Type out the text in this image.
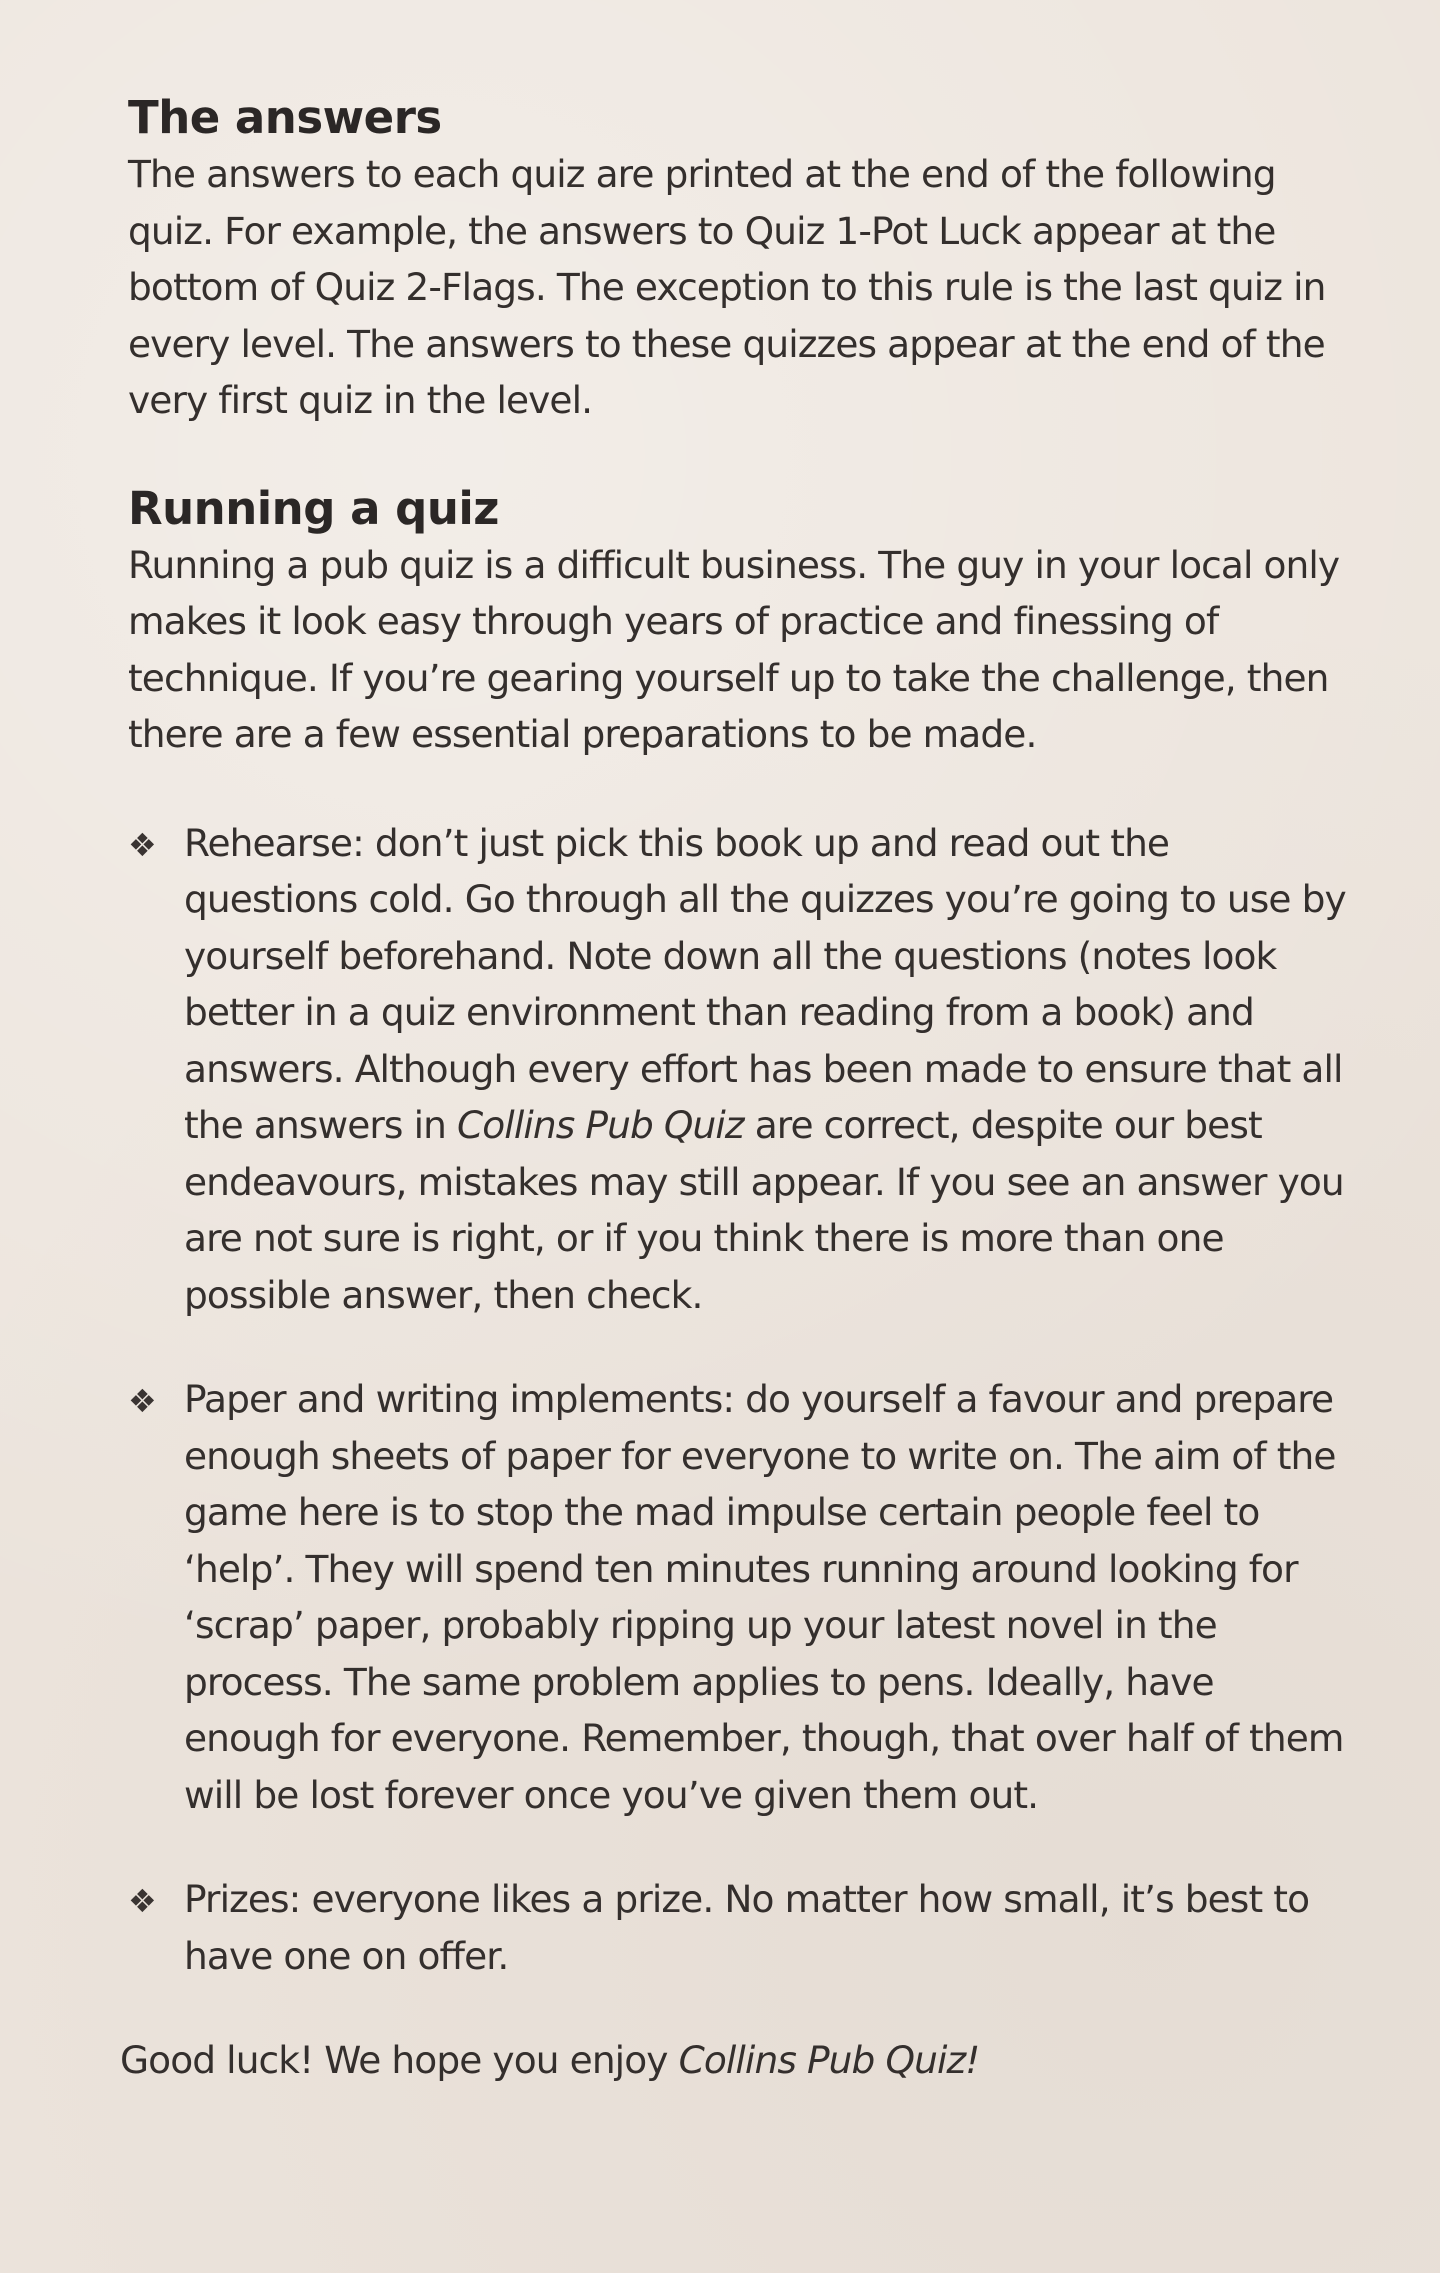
The answers

The answers to each quiz are printed at the end of the following quiz. For example, the answers to Quiz 1-Pot Luck appear at the bottom of Quiz 2-Flags. The exception to this rule is the last quiz in every level. The answers to these quizzes appear at the end of the very first quiz in the level.

Running a quiz

Running a pub quiz is a difficult business. The guy in your local only makes it look easy through years of practice and finessing of technique. If you’re gearing yourself up to take the challenge, then there are a few essential preparations to be made.

❖ Rehearse: don’t just pick this book up and read out the questions cold. Go through all the quizzes you’re going to use by yourself beforehand. Note down all the questions (notes look better in a quiz environment than reading from a book) and answers. Although every effort has been made to ensure that all the answers in Collins Pub Quiz are correct, despite our best endeavours, mistakes may still appear. If you see an answer you are not sure is right, or if you think there is more than one possible answer, then check.
❖ Paper and writing implements: do yourself a favour and prepare enough sheets of paper for everyone to write on. The aim of the game here is to stop the mad impulse certain people feel to ‘help’. They will spend ten minutes running around looking for ‘scrap’ paper, probably ripping up your latest novel in the process. The same problem applies to pens. Ideally, have enough for everyone. Remember, though, that over half of them will be lost forever once you’ve given them out.
❖ Prizes: everyone likes a prize. No matter how small, it’s best to have one on offer.

Good luck! We hope you enjoy Collins Pub Quiz!
